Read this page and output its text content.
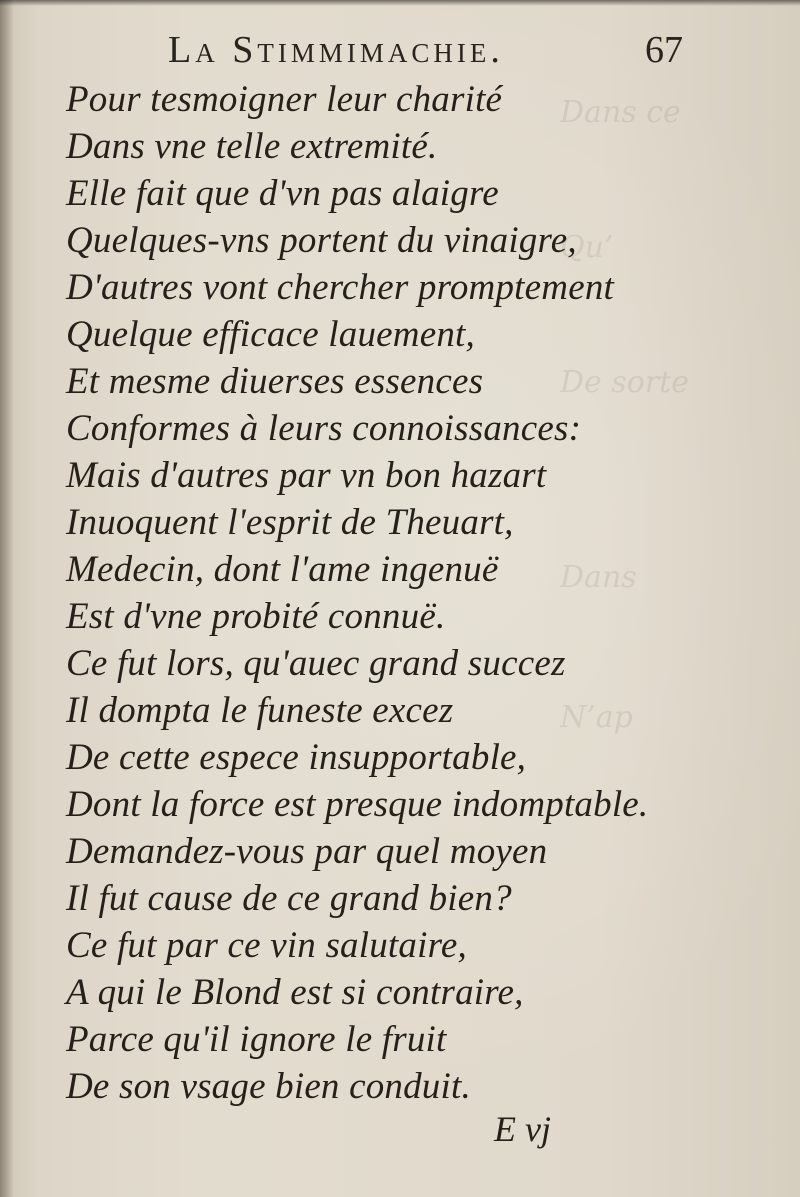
Dans ce
Qu’
De sorte
Dans
N’ap
La Stimmimachie.	67
Pour tesmoigner leur charité
Dans vne telle extremité.
Elle fait que d'vn pas alaigre
Quelques-vns portent du vinaigre,
D'autres vont chercher promptement
Quelque efficace lauement,
Et mesme diuerses essences
Conformes à leurs connoissances:
Mais d'autres par vn bon hazart
Inuoquent l'esprit de Theuart,
Medecin, dont l'ame ingenuë
Est d'vne probité connuë.
Ce fut lors, qu'auec grand succez
Il dompta le funeste excez
De cette espece insupportable,
Dont la force est presque indomptable.
Demandez-vous par quel moyen
Il fut cause de ce grand bien?
Ce fut par ce vin salutaire,
A qui le Blond est si contraire,
Parce qu'il ignore le fruit
De son vsage bien conduit.
E vj
